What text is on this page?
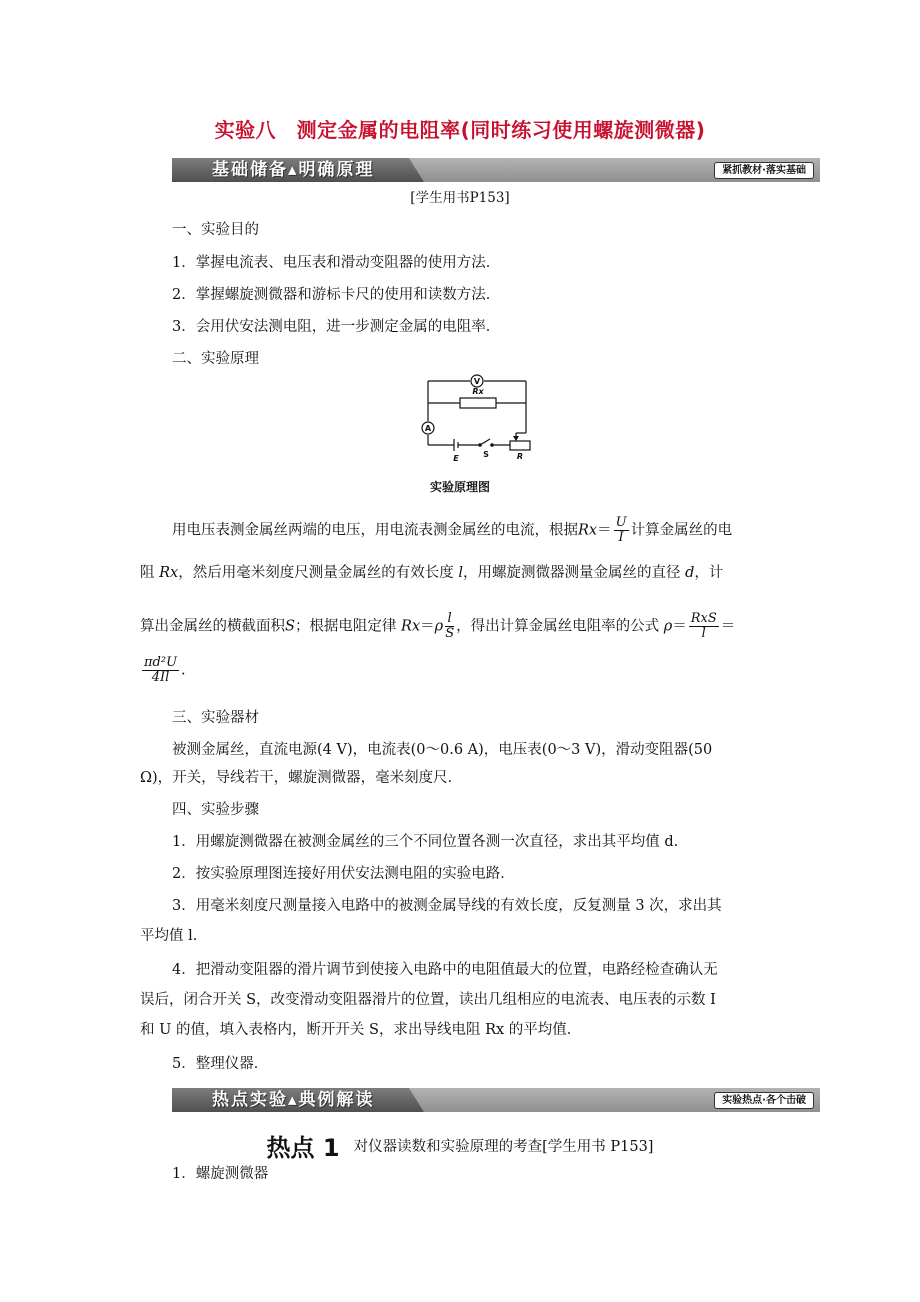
实验八　测定金属的电阻率(同时练习使用螺旋测微器)
基础储备▴明确原理	紧抓教材·落实基础
[学生用书P153]
一、实验目的
1．掌握电流表、电压表和滑动变阻器的使用方法．
2．掌握螺旋测微器和游标卡尺的使用和读数方法．
3．会用伏安法测电阻，进一步测定金属的电阻率．
二、实验原理
V
A
Rx
E	S	R
实验原理图
用电压表测金属丝两端的电压，用电流表测金属丝的电流，根据$Rx= \frac{U}{I}$ 计算金属丝的电
阻 Rx，然后用毫米刻度尺测量金属丝的有效长度 l，用螺旋测微器测量金属丝的直径 d，计
算出金属丝的横截面积S；根据电阻定律 $Rx=\rho \frac{l}{S}$ ，得出计算金属丝电阻率的公式 $\rho= \frac{\text{RxS}}{l}$ ＝
$\frac{\text{πd²U}}{4Il}$ .
三、实验器材
被测金属丝，直流电源(4 V)，电流表(0～0.6 A)，电压表(0～3 V)，滑动变阻器(50
Ω)，开关，导线若干，螺旋测微器，毫米刻度尺．
四、实验步骤
1．用螺旋测微器在被测金属丝的三个不同位置各测一次直径，求出其平均值 d.
2．按实验原理图连接好用伏安法测电阻的实验电路．
3．用毫米刻度尺测量接入电路中的被测金属导线的有效长度，反复测量 3 次，求出其
平均值 l.
4．把滑动变阻器的滑片调节到使接入电路中的电阻值最大的位置，电路经检查确认无
误后，闭合开关 S，改变滑动变阻器滑片的位置，读出几组相应的电流表、电压表的示数 I
和 U 的值，填入表格内，断开开关 S，求出导线电阻 Rx 的平均值．
5．整理仪器．
热点实验▴典例解读	实验热点·各个击破
热点 1 对仪器读数和实验原理的考查[学生用书 P153]
1．螺旋测微器
